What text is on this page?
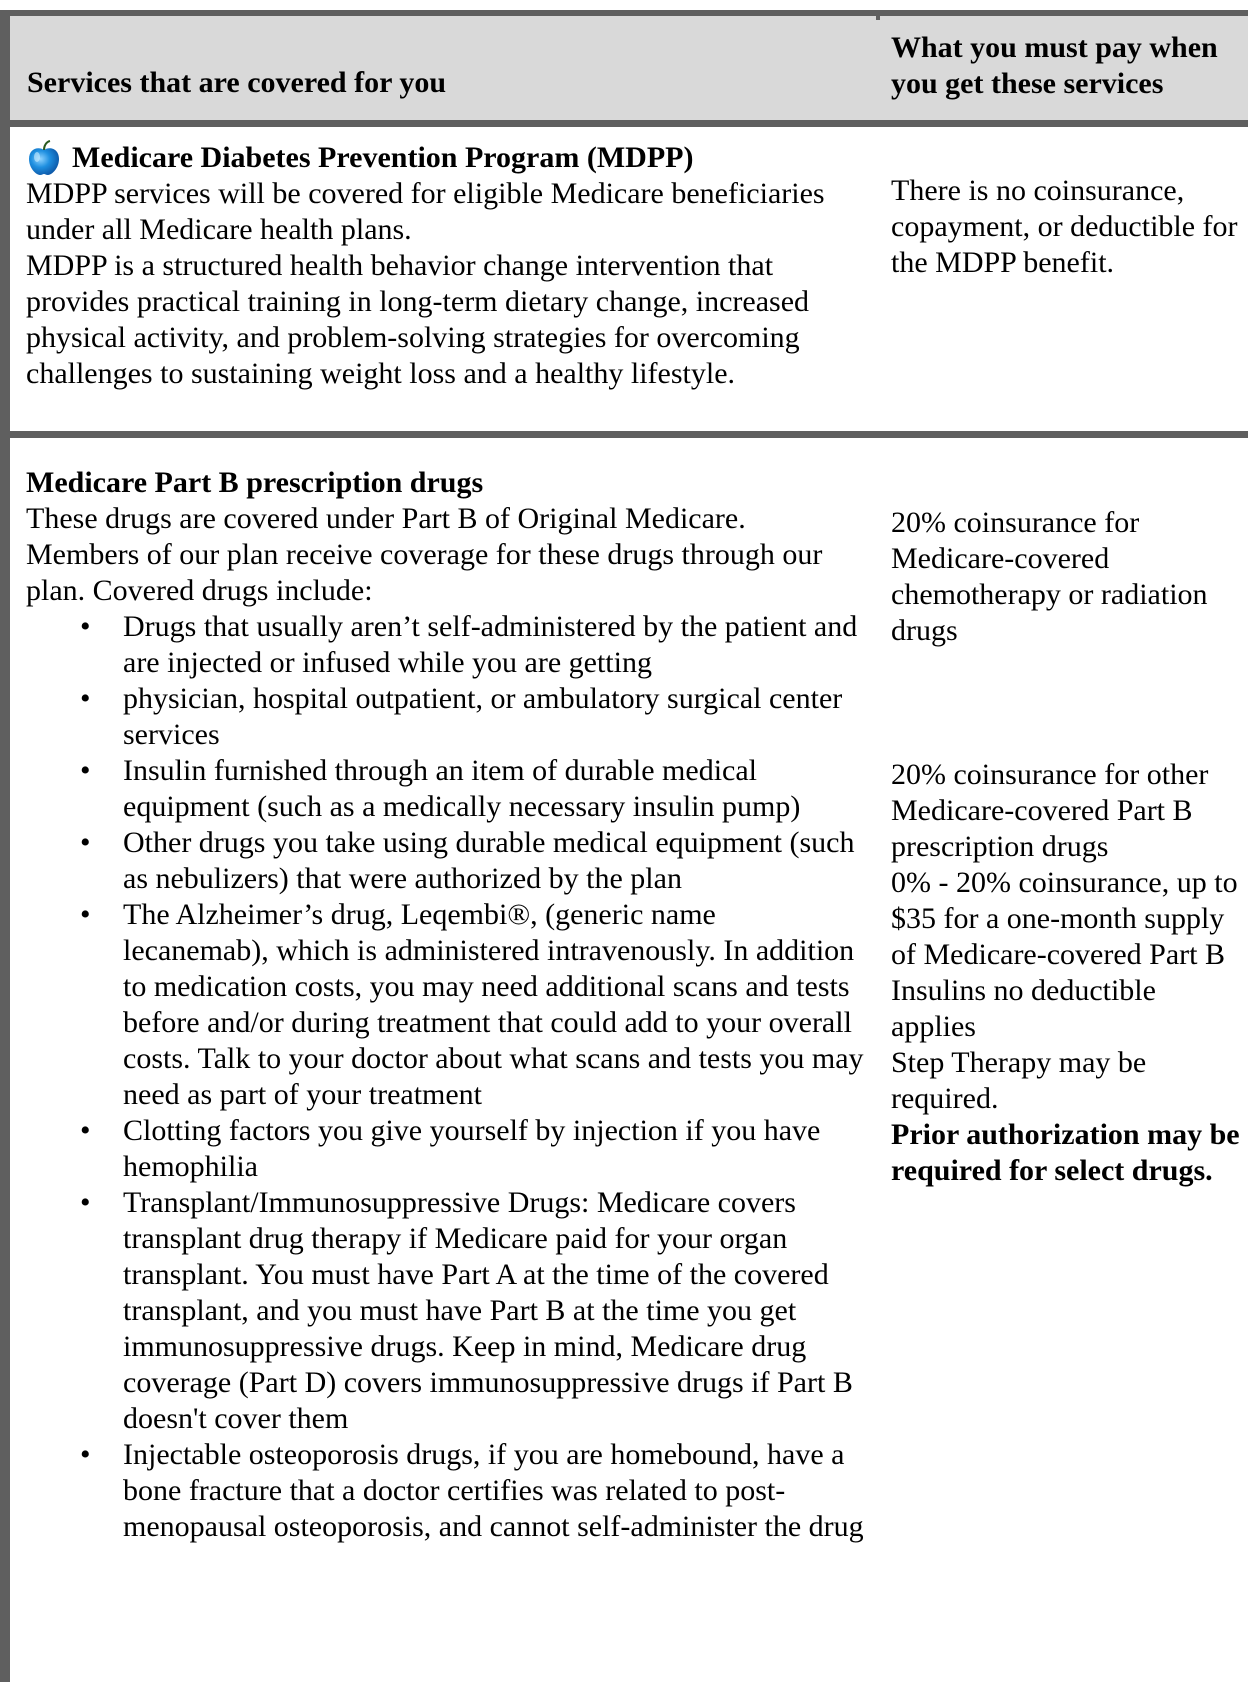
Services that are covered for you
What you must pay when
you get these services

Medicare Diabetes Prevention Program (MDPP)

MDPP services will be covered for eligible Medicare beneficiaries under all Medicare health plans.

MDPP is a structured health behavior change intervention that provides practical training in long-term dietary change, increased physical activity, and problem-solving strategies for overcoming challenges to sustaining weight loss and a healthy lifestyle.

There is no coinsurance, copayment, or deductible for the MDPP benefit.

Medicare Part B prescription drugs

These drugs are covered under Part B of Original Medicare. Members of our plan receive coverage for these drugs through our plan. Covered drugs include:

• Drugs that usually aren’t self-administered by the patient and are injected or infused while you are getting
• physician, hospital outpatient, or ambulatory surgical center services
• Insulin furnished through an item of durable medical equipment (such as a medically necessary insulin pump)
• Other drugs you take using durable medical equipment (such as nebulizers) that were authorized by the plan
• The Alzheimer’s drug, Leqembi®, (generic name lecanemab), which is administered intravenously. In addition to medication costs, you may need additional scans and tests before and/or during treatment that could add to your overall costs. Talk to your doctor about what scans and tests you may need as part of your treatment
• Clotting factors you give yourself by injection if you have hemophilia
• Transplant/Immunosuppressive Drugs: Medicare covers transplant drug therapy if Medicare paid for your organ transplant. You must have Part A at the time of the covered transplant, and you must have Part B at the time you get immunosuppressive drugs. Keep in mind, Medicare drug coverage (Part D) covers immunosuppressive drugs if Part B doesn't cover them
• Injectable osteoporosis drugs, if you are homebound, have a bone fracture that a doctor certifies was related to post-menopausal osteoporosis, and cannot self-administer the drug

20% coinsurance for Medicare-covered chemotherapy or radiation drugs

20% coinsurance for other Medicare-covered Part B prescription drugs

0% - 20% coinsurance, up to $35 for a one-month supply of Medicare-covered Part B Insulins no deductible applies

Step Therapy may be required.

Prior authorization may be required for select drugs.
